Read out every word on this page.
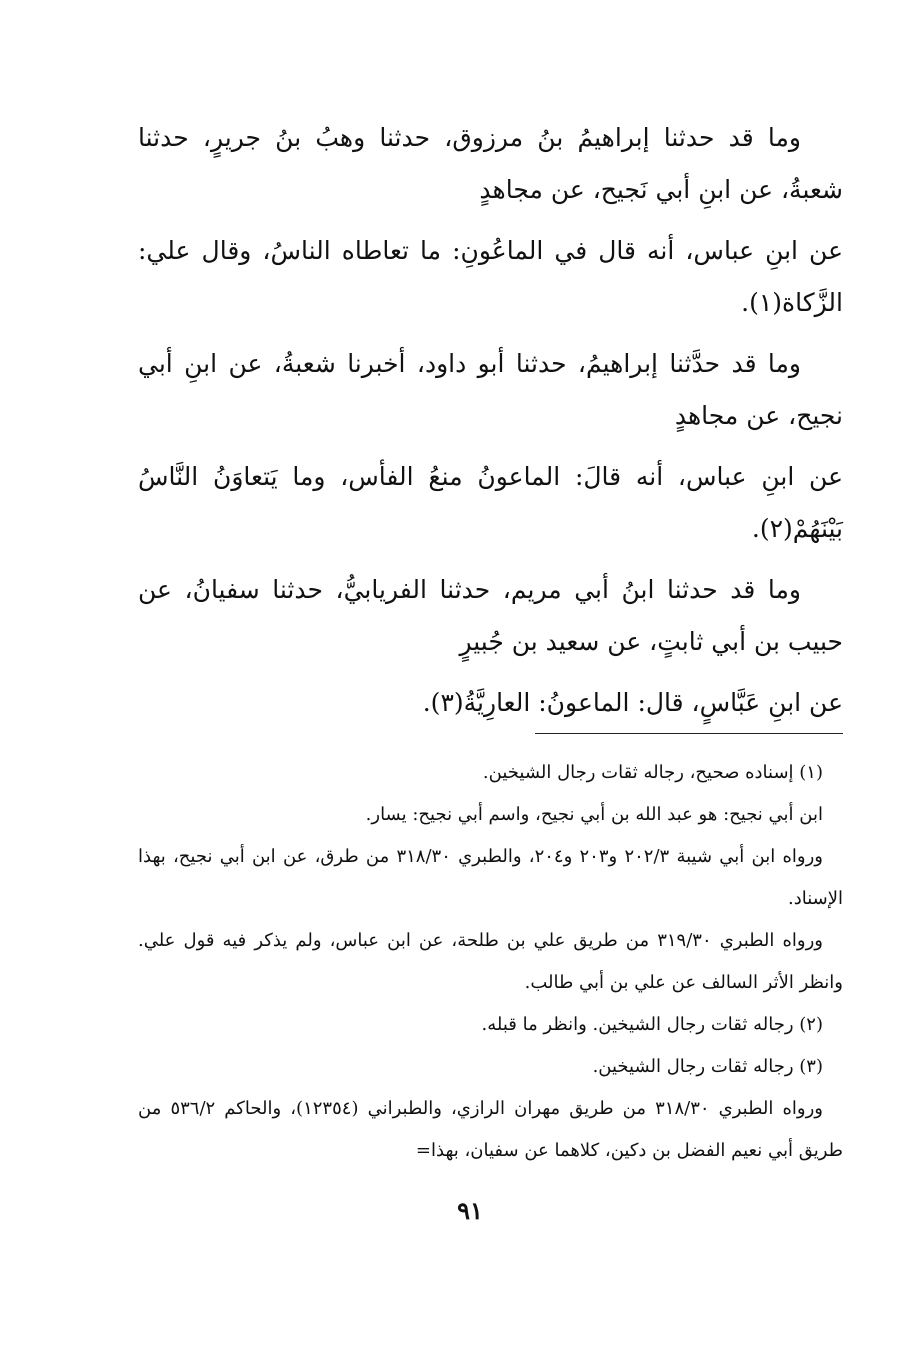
وما قد حدثنا إبراهيمُ بنُ مرزوق، حدثنا وهبُ بنُ جريرٍ، حدثنا شعبةُ، عن ابنِ أبي نَجيح، عن مجاهدٍ

عن ابنِ عباس، أنه قال في الماعُونِ: ما تعاطاه الناسُ، وقال علي: الزَّكاة(١).

وما قد حدَّثنا إبراهيمُ، حدثنا أبو داود، أخبرنا شعبةُ، عن ابنِ أبي نجيح، عن مجاهدٍ

عن ابنِ عباس، أنه قالَ: الماعونُ منعُ الفأس، وما يَتعاوَنُ النَّاسُ بَيْنَهُمْ(٢).

وما قد حدثنا ابنُ أبي مريم، حدثنا الفريابيُّ، حدثنا سفيانُ، عن حبيب بن أبي ثابتٍ، عن سعيد بن جُبيرٍ

عن ابنِ عَبَّاسٍ، قال: الماعونُ: العارِيَّةُ(٣).

(١) إسناده صحيح، رجاله ثقات رجال الشيخين.

ابن أبي نجيح: هو عبد الله بن أبي نجيح، واسم أبي نجيح: يسار.

ورواه ابن أبي شيبة ٢٠٢/٣ و٢٠٣ و٢٠٤، والطبري ٣١٨/٣٠ من طرق، عن ابن أبي نجيح، بهذا الإسناد.

ورواه الطبري ٣١٩/٣٠ من طريق علي بن طلحة، عن ابن عباس، ولم يذكر فيه قول علي. وانظر الأثر السالف عن علي بن أبي طالب.

(٢) رجاله ثقات رجال الشيخين. وانظر ما قبله.

(٣) رجاله ثقات رجال الشيخين.

ورواه الطبري ٣١٨/٣٠ من طريق مهران الرازي، والطبراني (١٢٣٥٤)، والحاكم ٥٣٦/٢ من طريق أبي نعيم الفضل بن دكين، كلاهما عن سفيان، بهذا=

٩١
